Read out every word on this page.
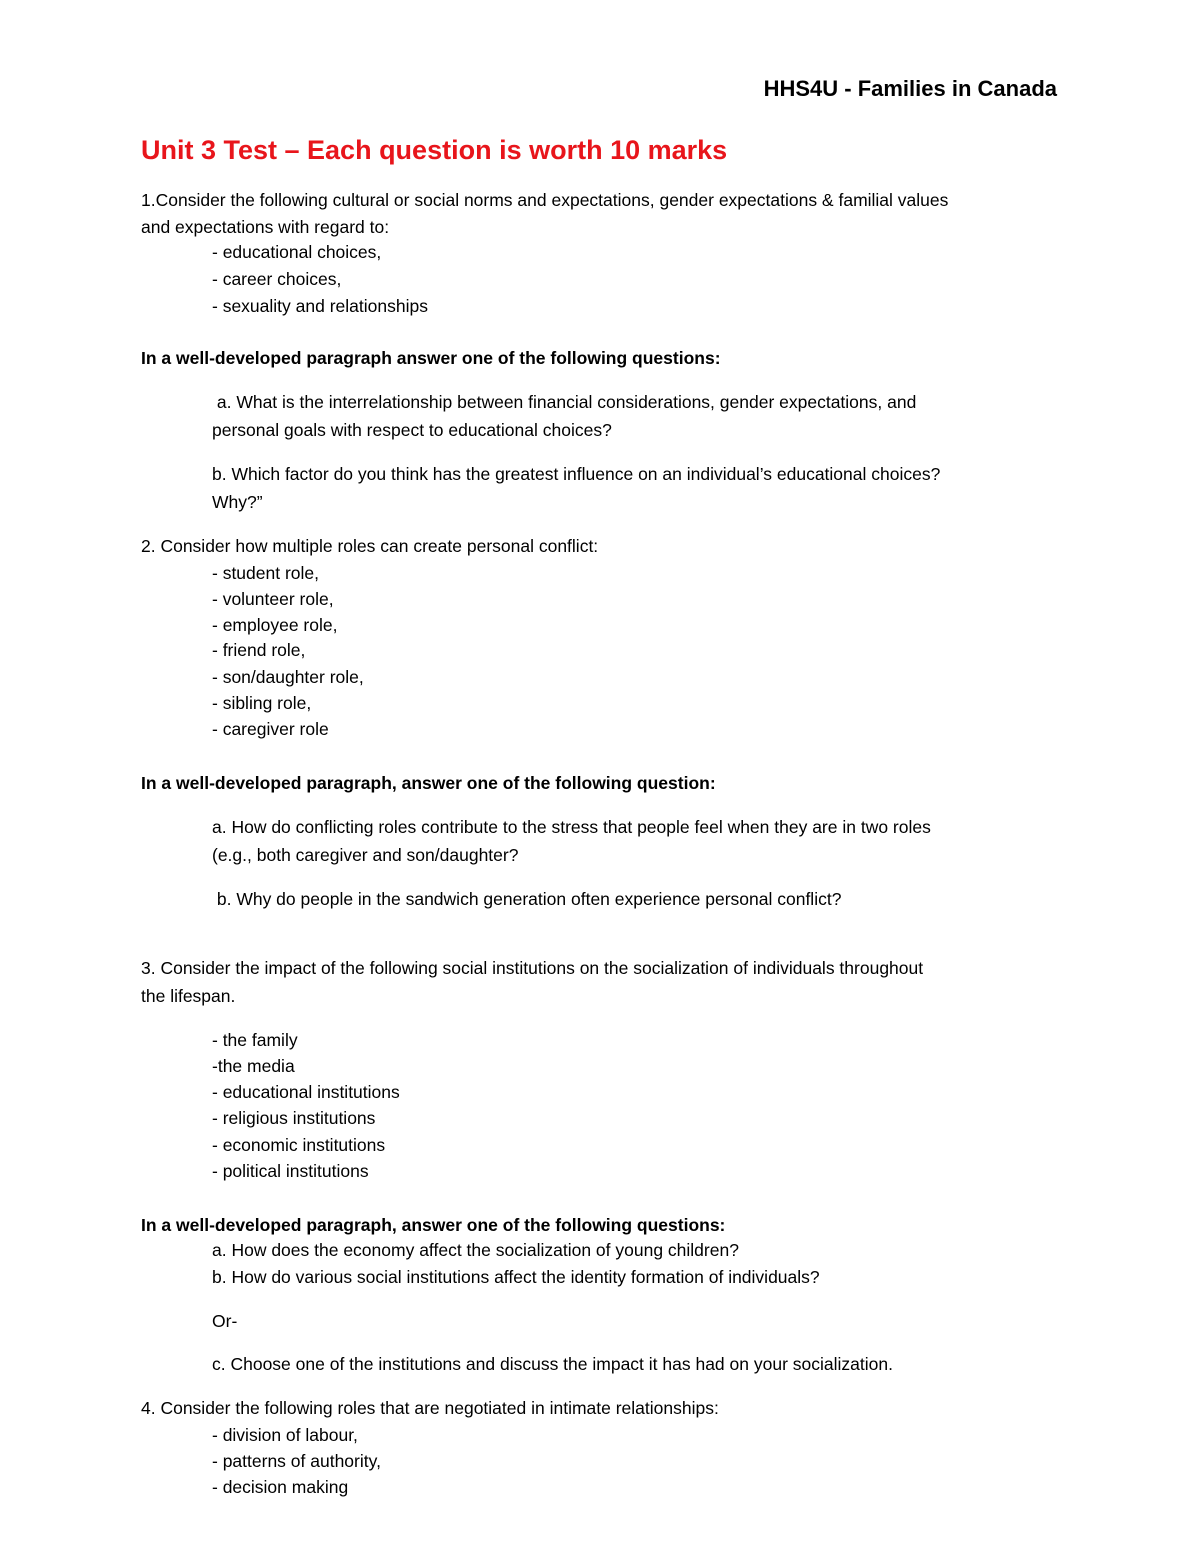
HHS4U - Families in Canada
Unit 3 Test – Each question is worth 10 marks
1.Consider the following cultural or social norms and expectations, gender expectations & familial values
and expectations with regard to:
- educational choices,
- career choices,
- sexuality and relationships
In a well-developed paragraph answer one of the following questions:
a. What is the interrelationship between financial considerations, gender expectations, and
personal goals with respect to educational choices?
b. Which factor do you think has the greatest influence on an individual’s educational choices?
Why?”
2. Consider how multiple roles can create personal conflict:
- student role,
- volunteer role,
- employee role,
- friend role,
- son/daughter role,
- sibling role,
- caregiver role
In a well-developed paragraph, answer one of the following question:
a. How do conflicting roles contribute to the stress that people feel when they are in two roles
(e.g., both caregiver and son/daughter?
b. Why do people in the sandwich generation often experience personal conflict?
3. Consider the impact of the following social institutions on the socialization of individuals throughout
the lifespan.
- the family
-the media
- educational institutions
- religious institutions
- economic institutions
- political institutions
In a well-developed paragraph, answer one of the following questions:
a. How does the economy affect the socialization of young children?
b. How do various social institutions affect the identity formation of individuals?
Or-
c. Choose one of the institutions and discuss the impact it has had on your socialization.
4. Consider the following roles that are negotiated in intimate relationships:
- division of labour,
- patterns of authority,
- decision making
